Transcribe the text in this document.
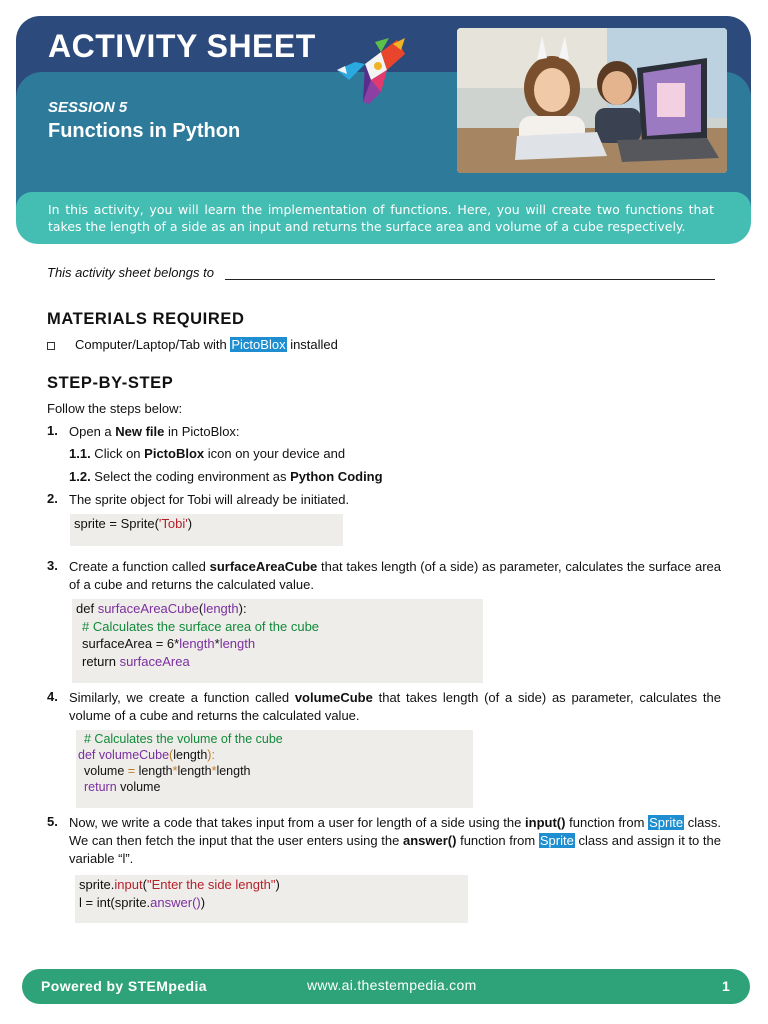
ACTIVITY SHEET
SESSION 5
Functions in Python
In this activity, you will learn the implementation of functions. Here, you will create two functions that takes the length of a side as an input and returns the surface area and volume of a cube respectively.
This activity sheet belongs to
MATERIALS REQUIRED
Computer/Laptop/Tab with PictoBlox installed
STEP-BY-STEP
Follow the steps below:
1. Open a New file in PictoBlox:
1.1. Click on PictoBlox icon on your device and
1.2. Select the coding environment as Python Coding
2. The sprite object for Tobi will already be initiated.
sprite = Sprite('Tobi')
3. Create a function called surfaceAreaCube that takes length (of a side) as parameter, calculates the surface area of a cube and returns the calculated value.
def surfaceAreaCube(length):
# Calculates the surface area of the cube
surfaceArea = 6*length*length
return surfaceArea
4. Similarly, we create a function called volumeCube that takes length (of a side) as parameter, calculates the volume of a cube and returns the calculated value.
# Calculates the volume of the cube
def volumeCube(length):
volume = length*length*length
return volume
5. Now, we write a code that takes input from a user for length of a side using the input() function from Sprite class. We can then fetch the input that the user enters using the answer() function from Sprite class and assign it to the variable “l”.
sprite.input("Enter the side length")
l = int(sprite.answer())
Powered by STEMpedia	www.ai.thestempedia.com	1
